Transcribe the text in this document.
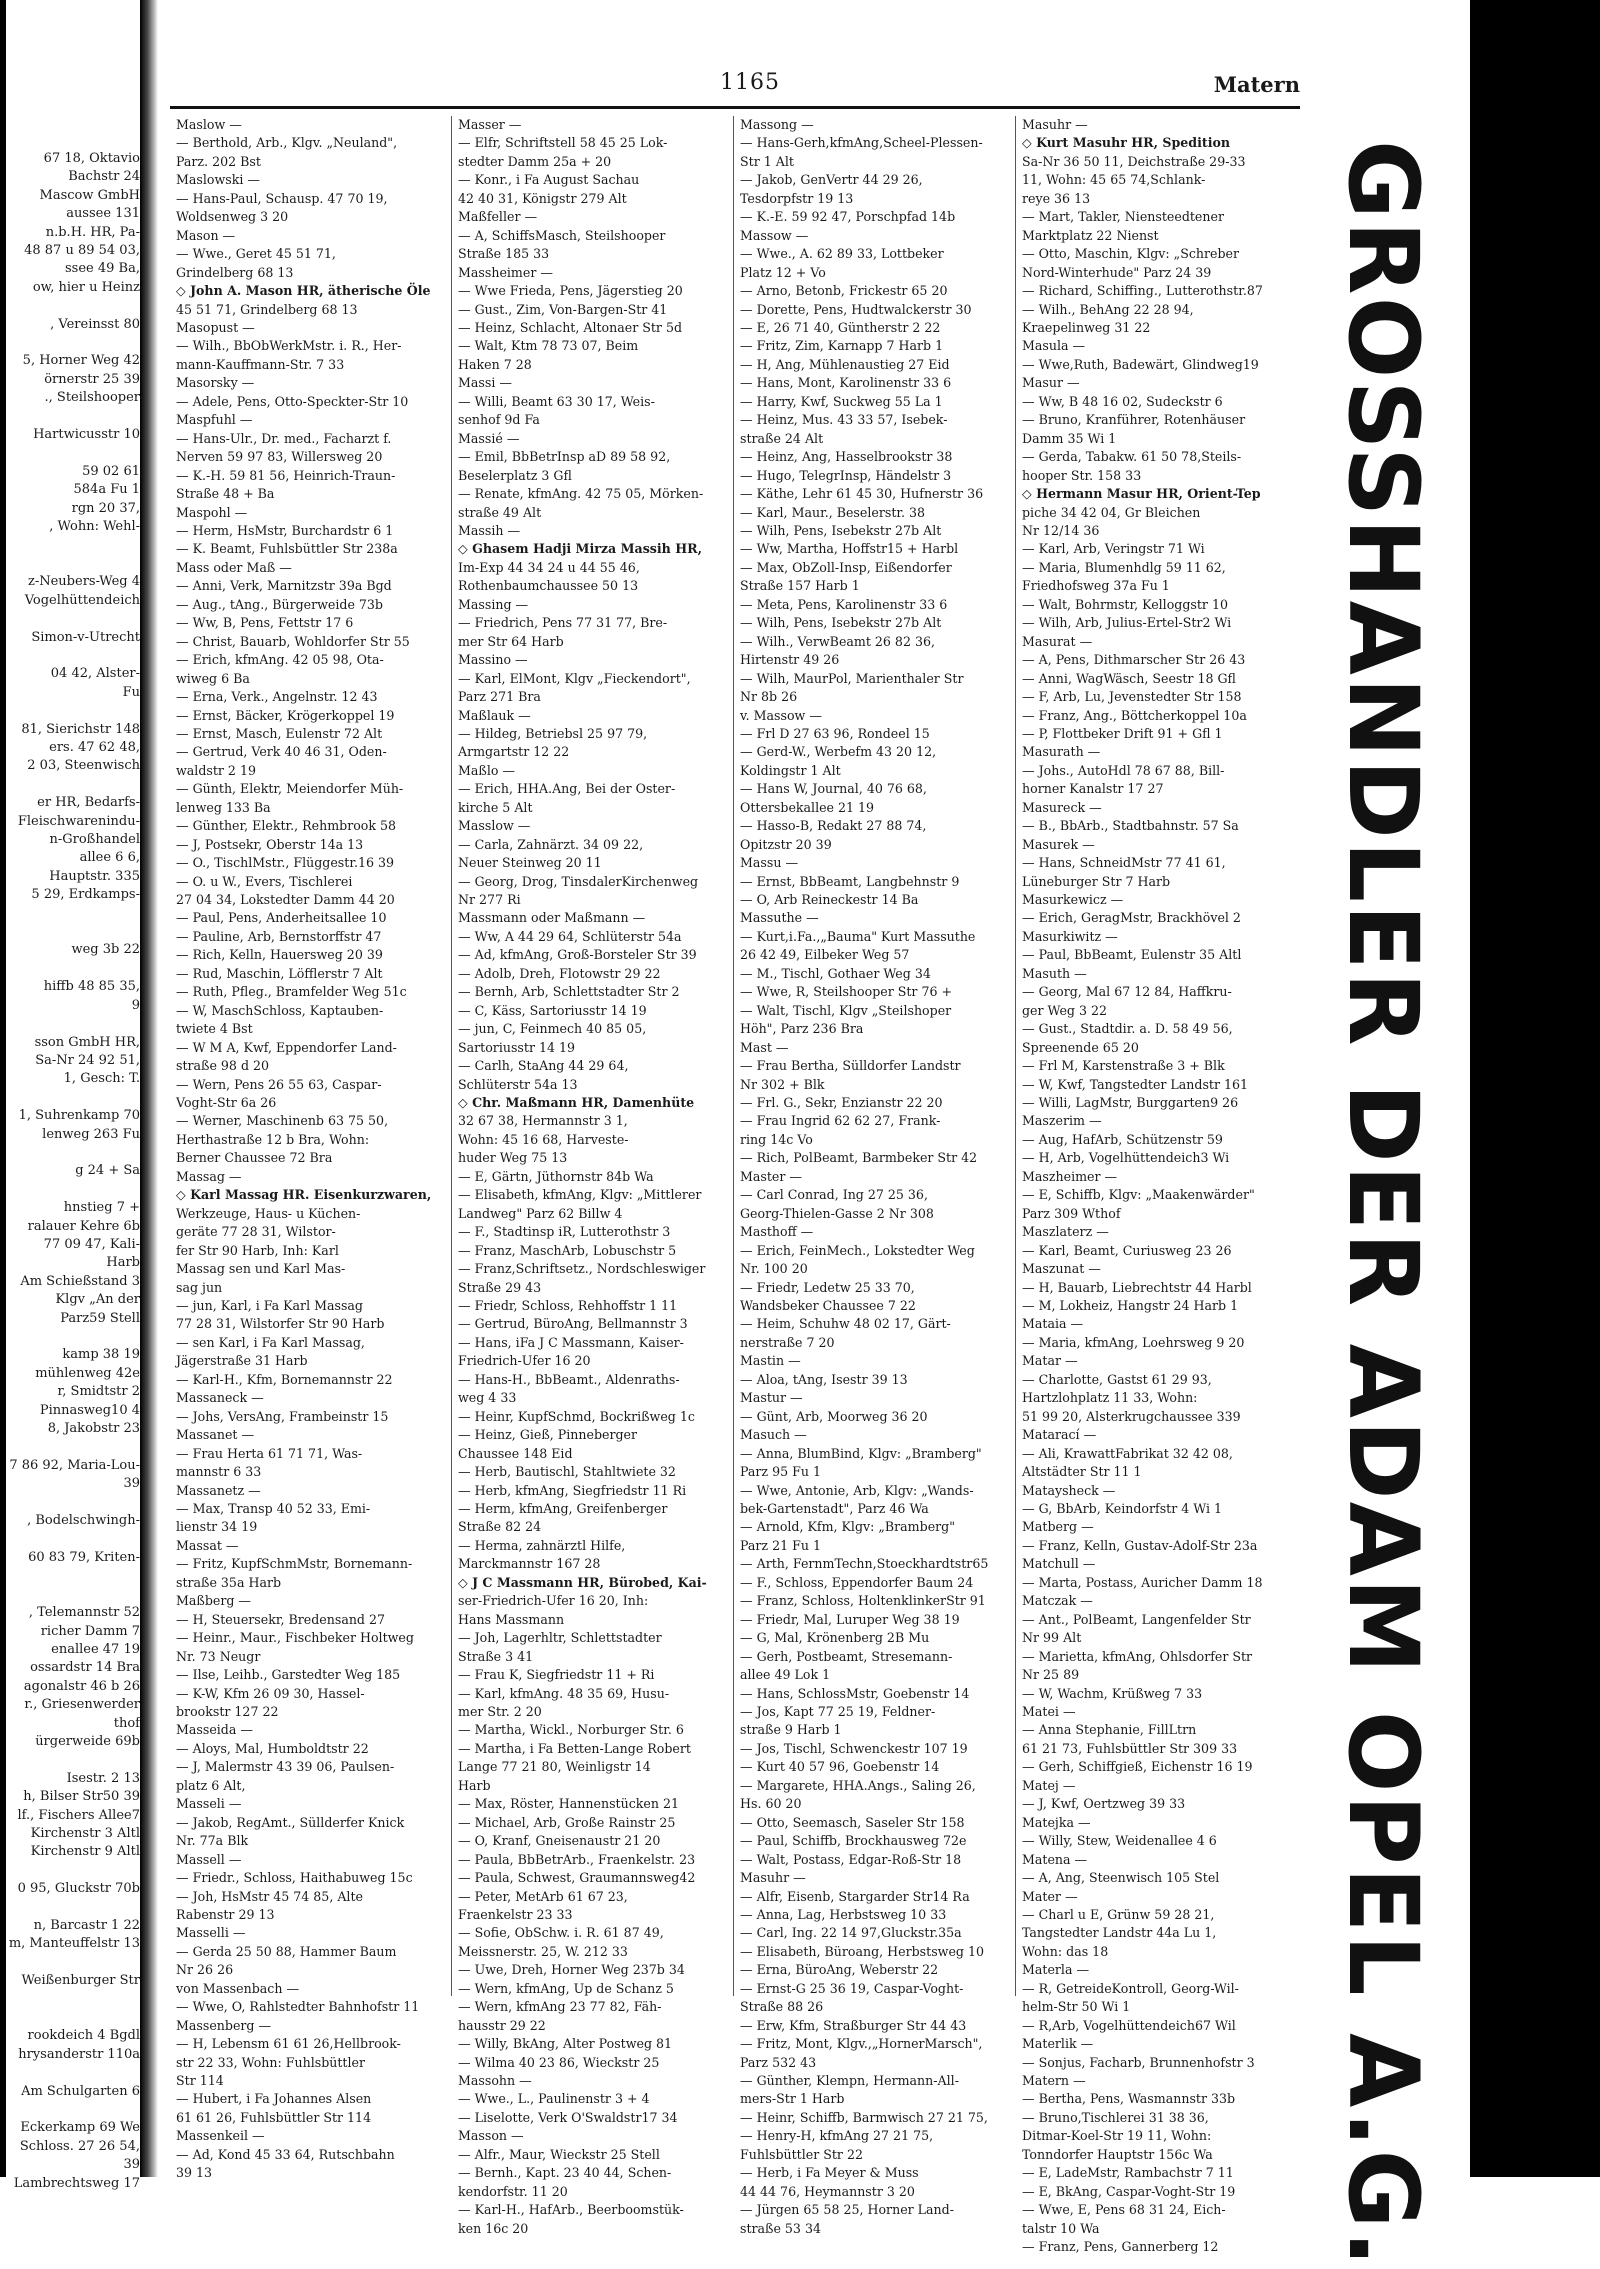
67 18, Oktavio
Bachstr 24
Mascow GmbH
aussee 131
n.b.H. HR, Pa-
48 87 u 89 54 03,
ssee 49 Ba,
ow, hier u Heinz

, Vereinsst 80

5, Horner Weg 42
örnerstr 25 39
., Steilshooper

Hartwicusstr 10

59 02 61
584a Fu 1
rgn 20 37,
, Wohn: Wehl-

z-Neubers-Weg 4
Vogelhüttendeich

Simon-v-Utrecht

04 42, Alster-
Fu

81, Sierichstr 148
ers. 47 62 48,
2 03, Steenwisch

er HR, Bedarfs-
Fleischwarenindu-
n-Großhandel
allee 6 6,
Hauptstr. 335
5 29, Erdkamps-

weg 3b 22

hiffb 48 85 35,
9

sson GmbH HR,
Sa-Nr 24 92 51,
1, Gesch: T.

1, Suhrenkamp 70
lenweg 263 Fu

g 24 + Sa

hnstieg 7 +
ralauer Kehre 6b
77 09 47, Kali-
Harb
Am Schießstand 3
Klgv „An der
Parz59 Stell

kamp 38 19
mühlenweg 42e
r, Smidtstr 2
Pinnasweg10 4
8, Jakobstr 23

7 86 92, Maria-Lou-
39

, Bodelschwingh-

60 83 79, Kriten-

, Telemannstr 52
richer Damm 7
enallee 47 19
ossardstr 14 Bra
agonalstr 46 b 26
r., Griesenwerder
thof
ürgerweide 69b

Isestr. 2 13
h, Bilser Str50 39
lf., Fischers Allee7
Kirchenstr 3 Altl
Kirchenstr 9 Altl

0 95, Gluckstr 70b

n, Barcastr 1 22
m, Manteuffelstr 13

Weißenburger Str

rookdeich 4 Bgdl
hrysanderstr 110a

Am Schulgarten 6

Eckerkamp 69 We
Schloss. 27 26 54,
39
Lambrechtsweg 17
1165	Matern
Maslow —
— Berthold, Arb., Klgv. „Neuland",
Parz. 202 Bst
Maslowski —
— Hans-Paul, Schausp. 47 70 19,
Woldsenweg 3 20
Mason —
— Wwe., Geret 45 51 71,
Grindelberg 68 13
◇ John A. Mason HR, ätherische Öle
45 51 71, Grindelberg 68 13
Masopust —
— Wilh., BbObWerkMstr. i. R., Her-
mann-Kauffmann-Str. 7 33
Masorsky —
— Adele, Pens, Otto-Speckter-Str 10
Maspfuhl —
— Hans-Ulr., Dr. med., Facharzt f.
Nerven 59 97 83, Willersweg 20
— K.-H. 59 81 56, Heinrich-Traun-
Straße 48 + Ba
Maspohl —
— Herm, HsMstr, Burchardstr 6 1
— K. Beamt, Fuhlsbüttler Str 238a
Mass oder Maß —
— Anni, Verk, Marnitzstr 39a Bgd
— Aug., tAng., Bürgerweide 73b
— Ww, B, Pens, Fettstr 17 6
— Christ, Bauarb, Wohldorfer Str 55
— Erich, kfmAng. 42 05 98, Ota-
wiweg 6 Ba
— Erna, Verk., Angelnstr. 12 43
— Ernst, Bäcker, Krögerkoppel 19
— Ernst, Masch, Eulenstr 72 Alt
— Gertrud, Verk 40 46 31, Oden-
waldstr 2 19
— Günth, Elektr, Meiendorfer Müh-
lenweg 133 Ba
— Günther, Elektr., Rehmbrook 58
— J, Postsekr, Oberstr 14a 13
— O., TischlMstr., Flüggestr.16 39
— O. u W., Evers, Tischlerei
27 04 34, Lokstedter Damm 44 20
— Paul, Pens, Anderheitsallee 10
— Pauline, Arb, Bernstorffstr 47
— Rich, Kelln, Hauersweg 20 39
— Rud, Maschin, Löfflerstr 7 Alt
— Ruth, Pfleg., Bramfelder Weg 51c
— W, MaschSchloss, Kaptauben-
twiete 4 Bst
— W M A, Kwf, Eppendorfer Land-
straße 98 d 20
— Wern, Pens 26 55 63, Caspar-
Voght-Str 6a 26
— Werner, Maschinenb 63 75 50,
Herthastraße 12 b Bra, Wohn:
Berner Chaussee 72 Bra
Massag —
◇ Karl Massag HR. Eisenkurzwaren,
Werkzeuge, Haus- u Küchen-
geräte 77 28 31, Wilstor-
fer Str 90 Harb, Inh: Karl
Massag sen und Karl Mas-
sag jun
— jun, Karl, i Fa Karl Massag
77 28 31, Wilstorfer Str 90 Harb
— sen Karl, i Fa Karl Massag,
Jägerstraße 31 Harb
— Karl-H., Kfm, Bornemannstr 22
Massaneck —
— Johs, VersAng, Frambeinstr 15
Massanet —
— Frau Herta 61 71 71, Was-
mannstr 6 33
Massanetz —
— Max, Transp 40 52 33, Emi-
lienstr 34 19
Massat —
— Fritz, KupfSchmMstr, Bornemann-
straße 35a Harb
Maßberg —
— H, Steuersekr, Bredensand 27
— Heinr., Maur., Fischbeker Holtweg
Nr. 73 Neugr
— Ilse, Leihb., Garstedter Weg 185
— K-W, Kfm 26 09 30, Hassel-
brookstr 127 22
Masseida —
— Aloys, Mal, Humboldtstr 22
— J, Malermstr 43 39 06, Paulsen-
platz 6 Alt,
Masseli —
— Jakob, RegAmt., Süllderfer Knick
Nr. 77a Blk
Massell —
— Friedr., Schloss, Haithabuweg 15c
— Joh, HsMstr 45 74 85, Alte
Rabenstr 29 13
Masselli —
— Gerda 25 50 88, Hammer Baum
Nr 26 26
von Massenbach —
— Wwe, O, Rahlstedter Bahnhofstr 11
Massenberg —
— H, Lebensm 61 61 26,Hellbrook-
str 22 33, Wohn: Fuhlsbüttler
Str 114
— Hubert, i Fa Johannes Alsen
61 61 26, Fuhlsbüttler Str 114
Massenkeil —
— Ad, Kond 45 33 64, Rutschbahn
39 13
Masser —
— Elfr, Schriftstell 58 45 25 Lok-
stedter Damm 25a + 20
— Konr., i Fa August Sachau
42 40 31, Königstr 279 Alt
Maßfeller —
— A, SchiffsMasch, Steilshooper
Straße 185 33
Massheimer —
— Wwe Frieda, Pens, Jägerstieg 20
— Gust., Zim, Von-Bargen-Str 41
— Heinz, Schlacht, Altonaer Str 5d
— Walt, Ktm 78 73 07, Beim
Haken 7 28
Massi —
— Willi, Beamt 63 30 17, Weis-
senhof 9d Fa
Massié —
— Emil, BbBetrInsp aD 89 58 92,
Beselerplatz 3 Gfl
— Renate, kfmAng. 42 75 05, Mörken-
straße 49 Alt
Massih —
◇ Ghasem Hadji Mirza Massih HR,
Im-Exp 44 34 24 u 44 55 46,
Rothenbaumchaussee 50 13
Massing —
— Friedrich, Pens 77 31 77, Bre-
mer Str 64 Harb
Massino —
— Karl, ElMont, Klgv „Fieckendort",
Parz 271 Bra
Maßlauk —
— Hildeg, Betriebsl 25 97 79,
Armgartstr 12 22
Maßlo —
— Erich, HHA.Ang, Bei der Oster-
kirche 5 Alt
Masslow —
— Carla, Zahnärzt. 34 09 22,
Neuer Steinweg 20 11
— Georg, Drog, TinsdalerKirchenweg
Nr 277 Ri
Massmann oder Maßmann —
— Ww, A 44 29 64, Schlüterstr 54a
— Ad, kfmAng, Groß-Borsteler Str 39
— Adolb, Dreh, Flotowstr 29 22
— Bernh, Arb, Schlettstadter Str 2
— C, Käss, Sartoriusstr 14 19
— jun, C, Feinmech 40 85 05,
Sartoriusstr 14 19
— Carlh, StaAng 44 29 64,
Schlüterstr 54a 13
◇ Chr. Maßmann HR, Damenhüte
32 67 38, Hermannstr 3 1,
Wohn: 45 16 68, Harveste-
huder Weg 75 13
— E, Gärtn, Jüthornstr 84b Wa
— Elisabeth, kfmAng, Klgv: „Mittlerer
Landweg" Parz 62 Billw 4
— F., Stadtinsp iR, Lutterothstr 3
— Franz, MaschArb, Lobuschstr 5
— Franz,Schriftsetz., Nordschleswiger
Straße 29 43
— Friedr, Schloss, Rehhoffstr 1 11
— Gertrud, BüroAng, Bellmannstr 3
— Hans, iFa J C Massmann, Kaiser-
Friedrich-Ufer 16 20
— Hans-H., BbBeamt., Aldenraths-
weg 4 33
— Heinr, KupfSchmd, Bockrißweg 1c
— Heinz, Gieß, Pinneberger
Chaussee 148 Eid
— Herb, Bautischl, Stahltwiete 32
— Herb, kfmAng, Siegfriedstr 11 Ri
— Herm, kfmAng, Greifenberger
Straße 82 24
— Herma, zahnärztl Hilfe,
Marckmannstr 167 28
◇ J C Massmann HR, Bürobed, Kai-
ser-Friedrich-Ufer 16 20, Inh:
Hans Massmann
— Joh, Lagerhltr, Schlettstadter
Straße 3 41
— Frau K, Siegfriedstr 11 + Ri
— Karl, kfmAng. 48 35 69, Husu-
mer Str. 2 20
— Martha, Wickl., Norburger Str. 6
— Martha, i Fa Betten-Lange Robert
Lange 77 21 80, Weinligstr 14
Harb
— Max, Röster, Hannenstücken 21
— Michael, Arb, Große Rainstr 25
— O, Kranf, Gneisenaustr 21 20
— Paula, BbBetrArb., Fraenkelstr. 23
— Paula, Schwest, Graumannsweg42
— Peter, MetArb 61 67 23,
Fraenkelstr 23 33
— Sofie, ObSchw. i. R. 61 87 49,
Meissnerstr. 25, W. 212 33
— Uwe, Dreh, Horner Weg 237b 34
— Wern, kfmAng, Up de Schanz 5
— Wern, kfmAng 23 77 82, Fäh-
hausstr 29 22
— Willy, BkAng, Alter Postweg 81
— Wilma 40 23 86, Wieckstr 25
Massohn —
— Wwe., L., Paulinenstr 3 + 4
— Liselotte, Verk O'Swaldstr17 34
Masson —
— Alfr., Maur, Wieckstr 25 Stell
— Bernh., Kapt. 23 40 44, Schen-
kendorfstr. 11 20
— Karl-H., HafArb., Beerboomstük-
ken 16c 20
Massong —
— Hans-Gerh,kfmAng,Scheel-Plessen-
Str 1 Alt
— Jakob, GenVertr 44 29 26,
Tesdorpfstr 19 13
— K.-E. 59 92 47, Porschpfad 14b
Massow —
— Wwe., A. 62 89 33, Lottbeker
Platz 12 + Vo
— Arno, Betonb, Frickestr 65 20
— Dorette, Pens, Hudtwalckerstr 30
— E, 26 71 40, Güntherstr 2 22
— Fritz, Zim, Karnapp 7 Harb 1
— H, Ang, Mühlenaustieg 27 Eid
— Hans, Mont, Karolinenstr 33 6
— Harry, Kwf, Suckweg 55 La 1
— Heinz, Mus. 43 33 57, Isebek-
straße 24 Alt
— Heinz, Ang, Hasselbrookstr 38
— Hugo, TelegrInsp, Händelstr 3
— Käthe, Lehr 61 45 30, Hufnerstr 36
— Karl, Maur., Beselerstr. 38
— Wilh, Pens, Isebekstr 27b Alt
— Ww, Martha, Hoffstr15 + Harbl
— Max, ObZoll-Insp, Eißendorfer
Straße 157 Harb 1
— Meta, Pens, Karolinenstr 33 6
— Wilh, Pens, Isebekstr 27b Alt
— Wilh., VerwBeamt 26 82 36,
Hirtenstr 49 26
— Wilh, MaurPol, Marienthaler Str
Nr 8b 26
v. Massow —
— Frl D 27 63 96, Rondeel 15
— Gerd-W., Werbefm 43 20 12,
Koldingstr 1 Alt
— Hans W, Journal, 40 76 68,
Ottersbekallee 21 19
— Hasso-B, Redakt 27 88 74,
Opitzstr 20 39
Massu —
— Ernst, BbBeamt, Langbehnstr 9
— O, Arb Reineckestr 14 Ba
Massuthe —
— Kurt,i.Fa.,„Bauma" Kurt Massuthe
26 42 49, Eilbeker Weg 57
— M., Tischl, Gothaer Weg 34
— Wwe, R, Steilshooper Str 76 +
— Walt, Tischl, Klgv „Steilshoper
Höh", Parz 236 Bra
Mast —
— Frau Bertha, Sülldorfer Landstr
Nr 302 + Blk
— Frl. G., Sekr, Enzianstr 22 20
— Frau Ingrid 62 62 27, Frank-
ring 14c Vo
— Rich, PolBeamt, Barmbeker Str 42
Master —
— Carl Conrad, Ing 27 25 36,
Georg-Thielen-Gasse 2 Nr 308
Masthoff —
— Erich, FeinMech., Lokstedter Weg
Nr. 100 20
— Friedr, Ledetw 25 33 70,
Wandsbeker Chaussee 7 22
— Heim, Schuhw 48 02 17, Gärt-
nerstraße 7 20
Mastin —
— Aloa, tAng, Isestr 39 13
Mastur —
— Günt, Arb, Moorweg 36 20
Masuch —
— Anna, BlumBind, Klgv: „Bramberg"
Parz 95 Fu 1
— Wwe, Antonie, Arb, Klgv: „Wands-
bek-Gartenstadt", Parz 46 Wa
— Arnold, Kfm, Klgv: „Bramberg"
Parz 21 Fu 1
— Arth, FernmTechn,Stoeckhardtstr65
— F., Schloss, Eppendorfer Baum 24
— Franz, Schloss, HoltenklinkerStr 91
— Friedr, Mal, Luruper Weg 38 19
— G, Mal, Krönenberg 2B Mu
— Gerh, Postbeamt, Stresemann-
allee 49 Lok 1
— Hans, SchlossMstr, Goebenstr 14
— Jos, Kapt 77 25 19, Feldner-
straße 9 Harb 1
— Jos, Tischl, Schwenckestr 107 19
— Kurt 40 57 96, Goebenstr 14
— Margarete, HHA.Angs., Saling 26,
Hs. 60 20
— Otto, Seemasch, Saseler Str 158
— Paul, Schiffb, Brockhausweg 72e
— Walt, Postass, Edgar-Roß-Str 18
Masuhr —
— Alfr, Eisenb, Stargarder Str14 Ra
— Anna, Lag, Herbstsweg 10 33
— Carl, Ing. 22 14 97,Gluckstr.35a
— Elisabeth, Büroang, Herbstsweg 10
— Erna, BüroAng, Weberstr 22
— Ernst-G 25 36 19, Caspar-Voght-
Straße 88 26
— Erw, Kfm, Straßburger Str 44 43
— Fritz, Mont, Klgv.,„HornerMarsch",
Parz 532 43
— Günther, Klempn, Hermann-All-
mers-Str 1 Harb
— Heinr, Schiffb, Barmwisch 27 21 75,
— Henry-H, kfmAng 27 21 75,
Fuhlsbüttler Str 22
— Herb, i Fa Meyer & Muss
44 44 76, Heymannstr 3 20
— Jürgen 65 58 25, Horner Land-
straße 53 34
Masuhr —
◇ Kurt Masuhr HR, Spedition
Sa-Nr 36 50 11, Deichstraße 29-33
11, Wohn: 45 65 74,Schlank-
reye 36 13
— Mart, Takler, Niensteedtener
Marktplatz 22 Nienst
— Otto, Maschin, Klgv: „Schreber
Nord-Winterhude" Parz 24 39
— Richard, Schiffing., Lutterothstr.87
— Wilh., BehAng 22 28 94,
Kraepelinweg 31 22
Masula —
— Wwe,Ruth, Badewärt, Glindweg19
Masur —
— Ww, B 48 16 02, Sudeckstr 6
— Bruno, Kranführer, Rotenhäuser
Damm 35 Wi 1
— Gerda, Tabakw. 61 50 78,Steils-
hooper Str. 158 33
◇ Hermann Masur HR, Orient-Tep
piche 34 42 04, Gr Bleichen
Nr 12/14 36
— Karl, Arb, Veringstr 71 Wi
— Maria, Blumenhdlg 59 11 62,
Friedhofsweg 37a Fu 1
— Walt, Bohrmstr, Kelloggstr 10
— Wilh, Arb, Julius-Ertel-Str2 Wi
Masurat —
— A, Pens, Dithmarscher Str 26 43
— Anni, WagWäsch, Seestr 18 Gfl
— F, Arb, Lu, Jevenstedter Str 158
— Franz, Ang., Böttcherkoppel 10a
— P, Flottbeker Drift 91 + Gfl 1
Masurath —
— Johs., AutoHdl 78 67 88, Bill-
horner Kanalstr 17 27
Masureck —
— B., BbArb., Stadtbahnstr. 57 Sa
Masurek —
— Hans, SchneidMstr 77 41 61,
Lüneburger Str 7 Harb
Masurkewicz —
— Erich, GeragMstr, Brackhövel 2
Masurkiwitz —
— Paul, BbBeamt, Eulenstr 35 Altl
Masuth —
— Georg, Mal 67 12 84, Haffkru-
ger Weg 3 22
— Gust., Stadtdir. a. D. 58 49 56,
Spreenende 65 20
— Frl M, Karstenstraße 3 + Blk
— W, Kwf, Tangstedter Landstr 161
— Willi, LagMstr, Burggarten9 26
Maszerim —
— Aug, HafArb, Schützenstr 59
— H, Arb, Vogelhüttendeich3 Wi
Maszheimer —
— E, Schiffb, Klgv: „Maakenwärder"
Parz 309 Wthof
Maszlaterz —
— Karl, Beamt, Curiusweg 23 26
Maszunat —
— H, Bauarb, Liebrechtstr 44 Harbl
— M, Lokheiz, Hangstr 24 Harb 1
Mataia —
— Maria, kfmAng, Loehrsweg 9 20
Matar —
— Charlotte, Gastst 61 29 93,
Hartzlohplatz 11 33, Wohn:
51 99 20, Alsterkrugchaussee 339
Matarací —
— Ali, KrawattFabrikat 32 42 08,
Altstädter Str 11 1
Mataysheck —
— G, BbArb, Keindorfstr 4 Wi 1
Matberg —
— Franz, Kelln, Gustav-Adolf-Str 23a
Matchull —
— Marta, Postass, Auricher Damm 18
Matczak —
— Ant., PolBeamt, Langenfelder Str
Nr 99 Alt
— Marietta, kfmAng, Ohlsdorfer Str
Nr 25 89
— W, Wachm, Krüßweg 7 33
Matei —
— Anna Stephanie, FillLtrn
61 21 73, Fuhlsbüttler Str 309 33
— Gerh, Schiffgieß, Eichenstr 16 19
Matej —
— J, Kwf, Oertzweg 39 33
Matejka —
— Willy, Stew, Weidenallee 4 6
Matena —
— A, Ang, Steenwisch 105 Stel
Mater —
— Charl u E, Grünw 59 28 21,
Tangstedter Landstr 44a Lu 1,
Wohn: das 18
Materla —
— R, GetreideKontroll, Georg-Wil-
helm-Str 50 Wi 1
— R,Arb, Vogelhüttendeich67 Wil
Materlik —
— Sonjus, Facharb, Brunnenhofstr 3
Matern —
— Bertha, Pens, Wasmannstr 33b
— Bruno,Tischlerei 31 38 36,
Ditmar-Koel-Str 19 11, Wohn:
Tonndorfer Hauptstr 156c Wa
— E, LadeMstr, Rambachstr 7 11
— E, BkAng, Caspar-Voght-Str 19
— Wwe, E, Pens 68 31 24, Eich-
talstr 10 Wa
— Franz, Pens, Gannerberg 12	GROSSHANDLER DER ADAM OPEL A.G.
